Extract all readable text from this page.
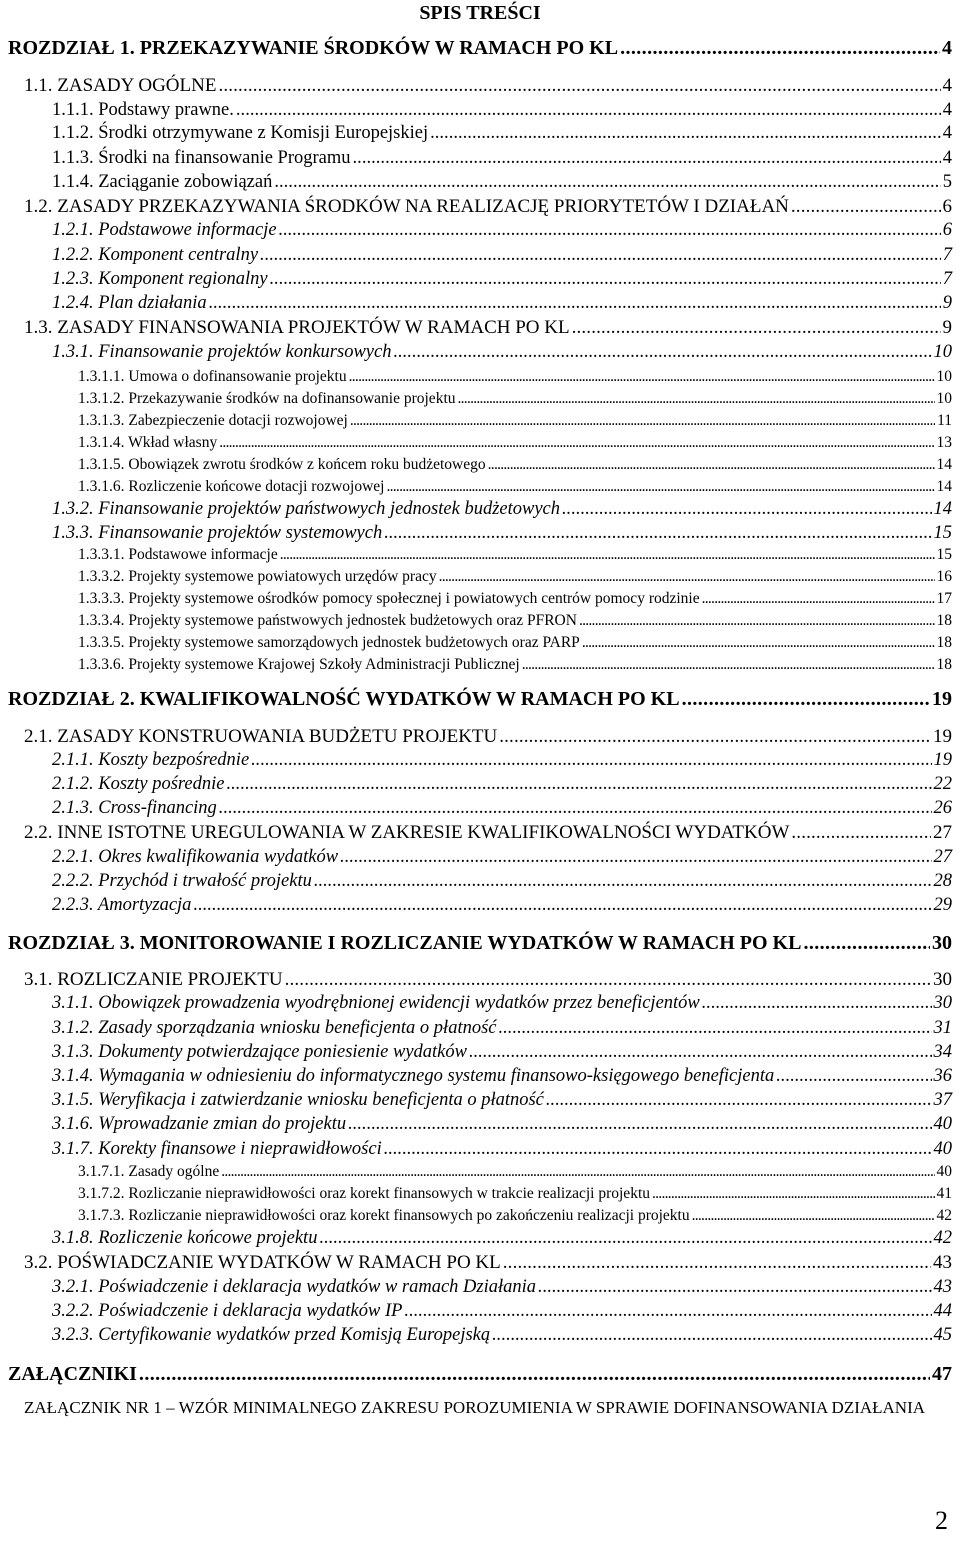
SPIS TREŚCI
ROZDZIAŁ 1. PRZEKAZYWANIE ŚRODKÓW W RAMACH PO KL . . .	4
1.1. ZASADY OGÓLNE . . .	4
1.1.1. Podstawy prawne. . . .	4
1.1.2. Środki otrzymywane z Komisji Europejskiej . . .	4
1.1.3. Środki na finansowanie Programu . . .	4
1.1.4. Zaciąganie zobowiązań . . .	5
1.2. ZASADY PRZEKAZYWANIA ŚRODKÓW NA REALIZACJĘ PRIORYTETÓW I DZIAŁAŃ . . .	6
1.2.1. Podstawowe informacje . . .	6
1.2.2. Komponent centralny . . .	7
1.2.3. Komponent regionalny . . .	7
1.2.4. Plan działania . . .	9
1.3. ZASADY FINANSOWANIA PROJEKTÓW W RAMACH PO KL . . .	9
1.3.1. Finansowanie projektów konkursowych . . .	10
1.3.1.1. Umowa o dofinansowanie projektu . . .	10
1.3.1.2. Przekazywanie środków na dofinansowanie projektu . . .	10
1.3.1.3. Zabezpieczenie dotacji rozwojowej . . .	11
1.3.1.4. Wkład własny . . .	13
1.3.1.5. Obowiązek zwrotu środków z końcem roku budżetowego . . .	14
1.3.1.6. Rozliczenie końcowe dotacji rozwojowej . . .	14
1.3.2. Finansowanie projektów państwowych jednostek budżetowych . . .	14
1.3.3. Finansowanie projektów systemowych . . .	15
1.3.3.1. Podstawowe informacje . . .	15
1.3.3.2. Projekty systemowe powiatowych urzędów pracy . . .	16
1.3.3.3. Projekty systemowe ośrodków pomocy społecznej i powiatowych centrów pomocy rodzinie . . .	17
1.3.3.4. Projekty systemowe państwowych jednostek budżetowych oraz PFRON . . .	18
1.3.3.5. Projekty systemowe samorządowych jednostek budżetowych oraz PARP . . .	18
1.3.3.6. Projekty systemowe Krajowej Szkoły Administracji Publicznej . . .	18
ROZDZIAŁ 2. KWALIFIKOWALNOŚĆ WYDATKÓW W RAMACH PO KL . . .	19
2.1. ZASADY KONSTRUOWANIA BUDŻETU PROJEKTU . . .	19
2.1.1. Koszty bezpośrednie . . .	19
2.1.2. Koszty pośrednie . . .	22
2.1.3. Cross-financing . . .	26
2.2. INNE ISTOTNE UREGULOWANIA W ZAKRESIE KWALIFIKOWALNOŚCI WYDATKÓW . . .	27
2.2.1. Okres kwalifikowania wydatków . . .	27
2.2.2. Przychód i trwałość projektu . . .	28
2.2.3. Amortyzacja . . .	29
ROZDZIAŁ 3. MONITOROWANIE I ROZLICZANIE WYDATKÓW W RAMACH PO KL . . .	30
3.1. ROZLICZANIE PROJEKTU . . .	30
3.1.1. Obowiązek prowadzenia wyodrębnionej ewidencji wydatków przez beneficjentów . . .	30
3.1.2. Zasady sporządzania wniosku beneficjenta o płatność . . .	31
3.1.3. Dokumenty potwierdzające poniesienie wydatków . . .	34
3.1.4. Wymagania w odniesieniu do informatycznego systemu finansowo-księgowego beneficjenta . . .	36
3.1.5. Weryfikacja i zatwierdzanie wniosku beneficjenta o płatność . . .	37
3.1.6. Wprowadzanie zmian do projektu . . .	40
3.1.7. Korekty finansowe i nieprawidłowości . . .	40
3.1.7.1. Zasady ogólne . . .	40
3.1.7.2. Rozliczanie nieprawidłowości oraz korekt finansowych w trakcie realizacji projektu . . .	41
3.1.7.3. Rozliczanie nieprawidłowości oraz korekt finansowych po zakończeniu realizacji projektu . . .	42
3.1.8. Rozliczenie końcowe projektu . . .	42
3.2. POŚWIADCZANIE WYDATKÓW W RAMACH PO KL . . .	43
3.2.1. Poświadczenie i deklaracja wydatków w ramach Działania . . .	43
3.2.2. Poświadczenie i deklaracja wydatków IP . . .	44
3.2.3. Certyfikowanie wydatków przed Komisją Europejską . . .	45
ZAŁĄCZNIKI . . .	47
ZAŁĄCZNIK NR 1 – WZÓR MINIMALNEGO ZAKRESU POROZUMIENIA W SPRAWIE DOFINANSOWANIA DZIAŁANIA
2
